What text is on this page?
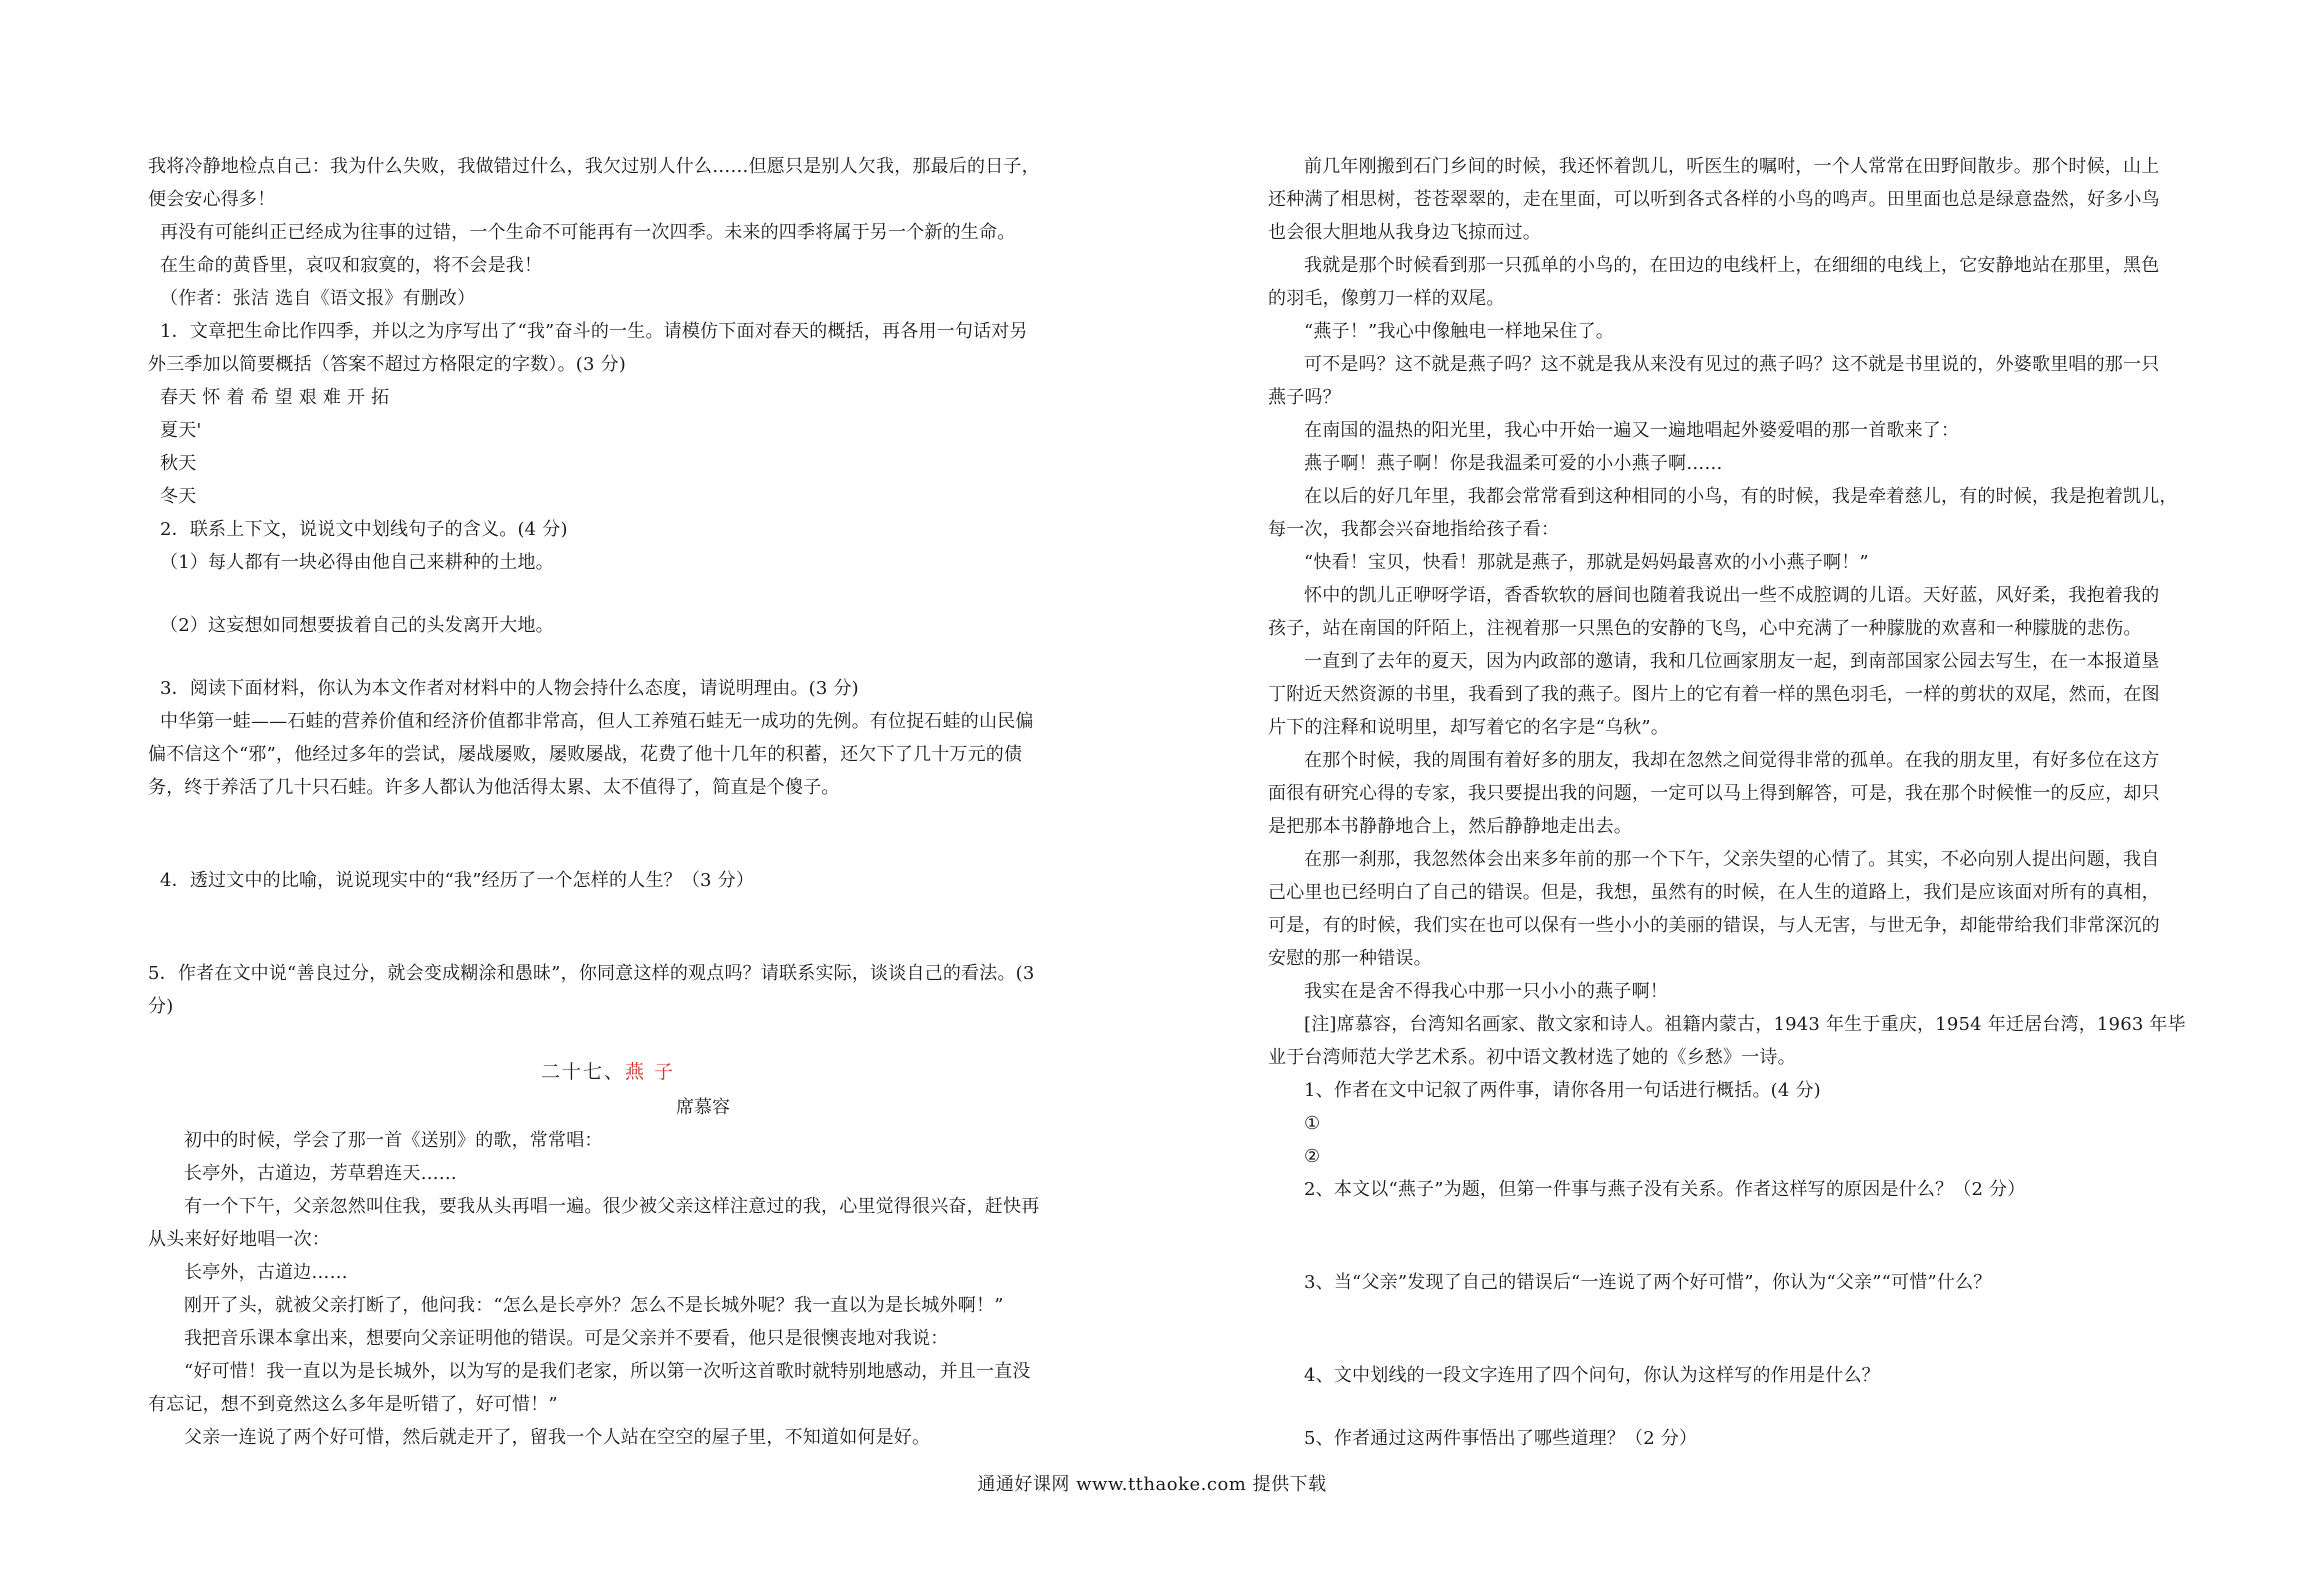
我将冷静地检点自己：我为什么失败，我做错过什么，我欠过别人什么……但愿只是别人欠我，那最后的日子，
便会安心得多！
再没有可能纠正已经成为往事的过错，一个生命不可能再有一次四季。未来的四季将属于另一个新的生命。
在生命的黄昏里，哀叹和寂寞的，将不会是我！
（作者：张洁 选自《语文报》有删改）
1．文章把生命比作四季，并以之为序写出了“我”奋斗的一生。请模仿下面对春天的概括，再各用一句话对另
外三季加以简要概括（答案不超过方格限定的字数）。(3 分)
春天 怀 着 希 望 艰 难 开 拓
夏天'
秋天
冬天
2．联系上下文，说说文中划线句子的含义。(4 分)
（1）每人都有一块必得由他自己来耕种的土地。
（2）这妄想如同想要拔着自己的头发离开大地。
3．阅读下面材料，你认为本文作者对材料中的人物会持什么态度，请说明理由。(3 分)
中华第一蛙——石蛙的营养价值和经济价值都非常高，但人工养殖石蛙无一成功的先例。有位捉石蛙的山民偏
偏不信这个“邪”，他经过多年的尝试，屡战屡败，屡败屡战，花费了他十几年的积蓄，还欠下了几十万元的债
务，终于养活了几十只石蛙。许多人都认为他活得太累、太不值得了，简直是个傻子。
4．透过文中的比喻，说说现实中的“我”经历了一个怎样的人生？（3 分）
5．作者在文中说“善良过分，就会变成糊涂和愚昧”，你同意这样的观点吗？请联系实际，谈谈自己的看法。(3
分)
二十七、燕 子
席慕容
初中的时候，学会了那一首《送别》的歌，常常唱：
长亭外，古道边，芳草碧连天……
有一个下午，父亲忽然叫住我，要我从头再唱一遍。很少被父亲这样注意过的我，心里觉得很兴奋，赶快再
从头来好好地唱一次：
长亭外，古道边……
刚开了头，就被父亲打断了，他问我：“怎么是长亭外？怎么不是长城外呢？我一直以为是长城外啊！”
我把音乐课本拿出来，想要向父亲证明他的错误。可是父亲并不要看，他只是很懊丧地对我说：
“好可惜！我一直以为是长城外，以为写的是我们老家，所以第一次听这首歌时就特别地感动，并且一直没
有忘记，想不到竟然这么多年是听错了，好可惜！”
父亲一连说了两个好可惜，然后就走开了，留我一个人站在空空的屋子里，不知道如何是好。
前几年刚搬到石门乡间的时候，我还怀着凯儿，听医生的嘱咐，一个人常常在田野间散步。那个时候，山上
还种满了相思树，苍苍翠翠的，走在里面，可以听到各式各样的小鸟的鸣声。田里面也总是绿意盎然，好多小鸟
也会很大胆地从我身边飞掠而过。
我就是那个时候看到那一只孤单的小鸟的，在田边的电线杆上，在细细的电线上，它安静地站在那里，黑色
的羽毛，像剪刀一样的双尾。
“燕子！”我心中像触电一样地呆住了。
可不是吗？这不就是燕子吗？这不就是我从来没有见过的燕子吗？这不就是书里说的，外婆歌里唱的那一只
燕子吗？
在南国的温热的阳光里，我心中开始一遍又一遍地唱起外婆爱唱的那一首歌来了：
燕子啊！燕子啊！你是我温柔可爱的小小燕子啊……
在以后的好几年里，我都会常常看到这种相同的小鸟，有的时候，我是牵着慈儿，有的时候，我是抱着凯儿，
每一次，我都会兴奋地指给孩子看：
“快看！宝贝，快看！那就是燕子，那就是妈妈最喜欢的小小燕子啊！”
怀中的凯儿正咿呀学语，香香软软的唇间也随着我说出一些不成腔调的儿语。天好蓝，风好柔，我抱着我的
孩子，站在南国的阡陌上，注视着那一只黑色的安静的飞鸟，心中充满了一种朦胧的欢喜和一种朦胧的悲伤。
一直到了去年的夏天，因为内政部的邀请，我和几位画家朋友一起，到南部国家公园去写生，在一本报道垦
丁附近天然资源的书里，我看到了我的燕子。图片上的它有着一样的黑色羽毛，一样的剪状的双尾，然而，在图
片下的注释和说明里，却写着它的名字是“乌秋”。
在那个时候，我的周围有着好多的朋友，我却在忽然之间觉得非常的孤单。在我的朋友里，有好多位在这方
面很有研究心得的专家，我只要提出我的问题，一定可以马上得到解答，可是，我在那个时候惟一的反应，却只
是把那本书静静地合上，然后静静地走出去。
在那一刹那，我忽然体会出来多年前的那一个下午，父亲失望的心情了。其实，不必向别人提出问题，我自
己心里也已经明白了自己的错误。但是，我想，虽然有的时候，在人生的道路上，我们是应该面对所有的真相，
可是，有的时候，我们实在也可以保有一些小小的美丽的错误，与人无害，与世无争，却能带给我们非常深沉的
安慰的那一种错误。
我实在是舍不得我心中那一只小小的燕子啊！
[注]席慕容，台湾知名画家、散文家和诗人。祖籍内蒙古，1943 年生于重庆，1954 年迁居台湾，1963 年毕
业于台湾师范大学艺术系。初中语文教材选了她的《乡愁》一诗。
1、作者在文中记叙了两件事，请你各用一句话进行概括。(4 分)
①
②
2、本文以“燕子”为题，但第一件事与燕子没有关系。作者这样写的原因是什么？（2 分）
3、当“父亲”发现了自己的错误后“一连说了两个好可惜”，你认为“父亲”“可惜”什么？
4、文中划线的一段文字连用了四个问句，你认为这样写的作用是什么？
5、作者通过这两件事悟出了哪些道理？（2 分）
通通好课网 www.tthaoke.com 提供下载
